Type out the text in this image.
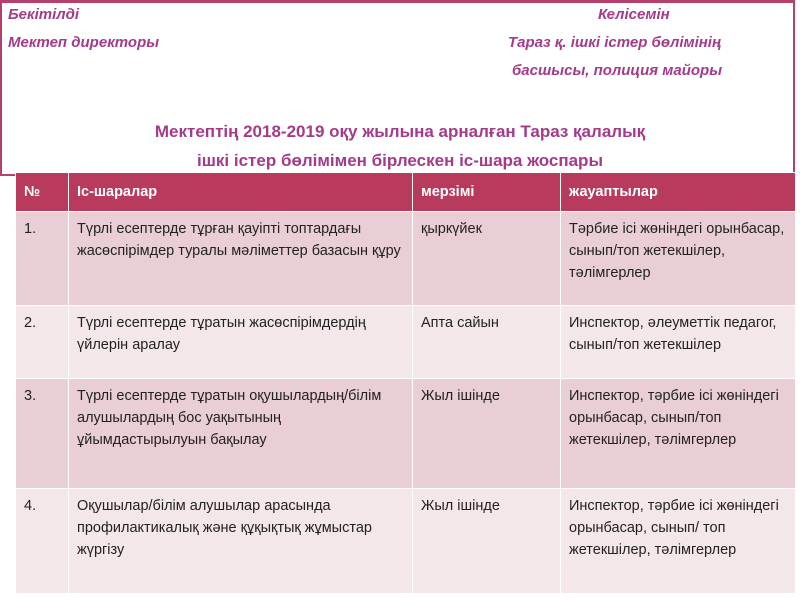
Бекітілді
Мектеп директоры
Келісемін
Тараз қ. ішкі істер бөлімінің
басшысы, полиция майоры
Мектептің 2018-2019 оқу жылына арналған Тараз қалалық
ішкі істер бөлімімен бірлескен іс-шара жоспары
№	Іс-шаралар	мерзімі	жауаптылар
1.	Түрлі есептерде тұрған қауіпті топтардағы жасөспірімдер туралы мәліметтер базасын құру	қыркүйек	Тәрбие ісі жөніндегі орынбасар, сынып/топ жетекшілер, тәлімгерлер
2.	Түрлі есептерде тұратын жасөспірімдердің үйлерін аралау	Апта сайын	Инспектор, әлеуметтік педагог, сынып/топ жетекшілер
3.	Түрлі есептерде тұратын оқушылардың/білім алушылардың бос уақытының ұйымдастырылуын бақылау	Жыл ішінде	Инспектор, тәрбие ісі жөніндегі орынбасар, сынып/топ жетекшілер, тәлімгерлер
4.	Оқушылар/білім алушылар арасында профилактикалық және құқықтық жұмыстар жүргізу	Жыл ішінде	Инспектор, тәрбие ісі жөніндегі орынбасар, сынып/ топ жетекшілер, тәлімгерлер
